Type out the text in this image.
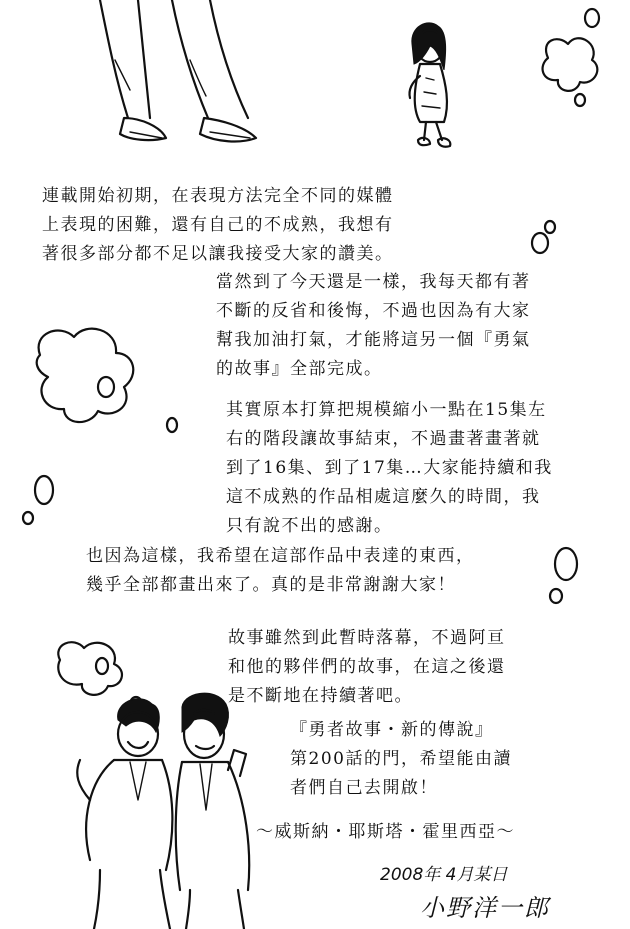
連載開始初期，在表現方法完全不同的媒體
上表現的困難，還有自己的不成熟，我想有
著很多部分都不足以讓我接受大家的讚美。

當然到了今天還是一樣，我每天都有著
不斷的反省和後悔，不過也因為有大家
幫我加油打氣，才能將這另一個『勇氣
的故事』全部完成。

其實原本打算把規模縮小一點在15集左
右的階段讓故事結束，不過畫著畫著就
到了16集、到了17集…大家能持續和我
這不成熟的作品相處這麼久的時間，我
只有說不出的感謝。

也因為這樣，我希望在這部作品中表達的東西，
幾乎全部都畫出來了。真的是非常謝謝大家！

故事雖然到此暫時落幕，不過阿亘
和他的夥伴們的故事，在這之後還
是不斷地在持續著吧。

『勇者故事・新的傳說』
第200話的門，希望能由讀
者們自己去開啟！

～威斯納・耶斯塔・霍里西亞～

2008年 4月某日
小野洋一郎
